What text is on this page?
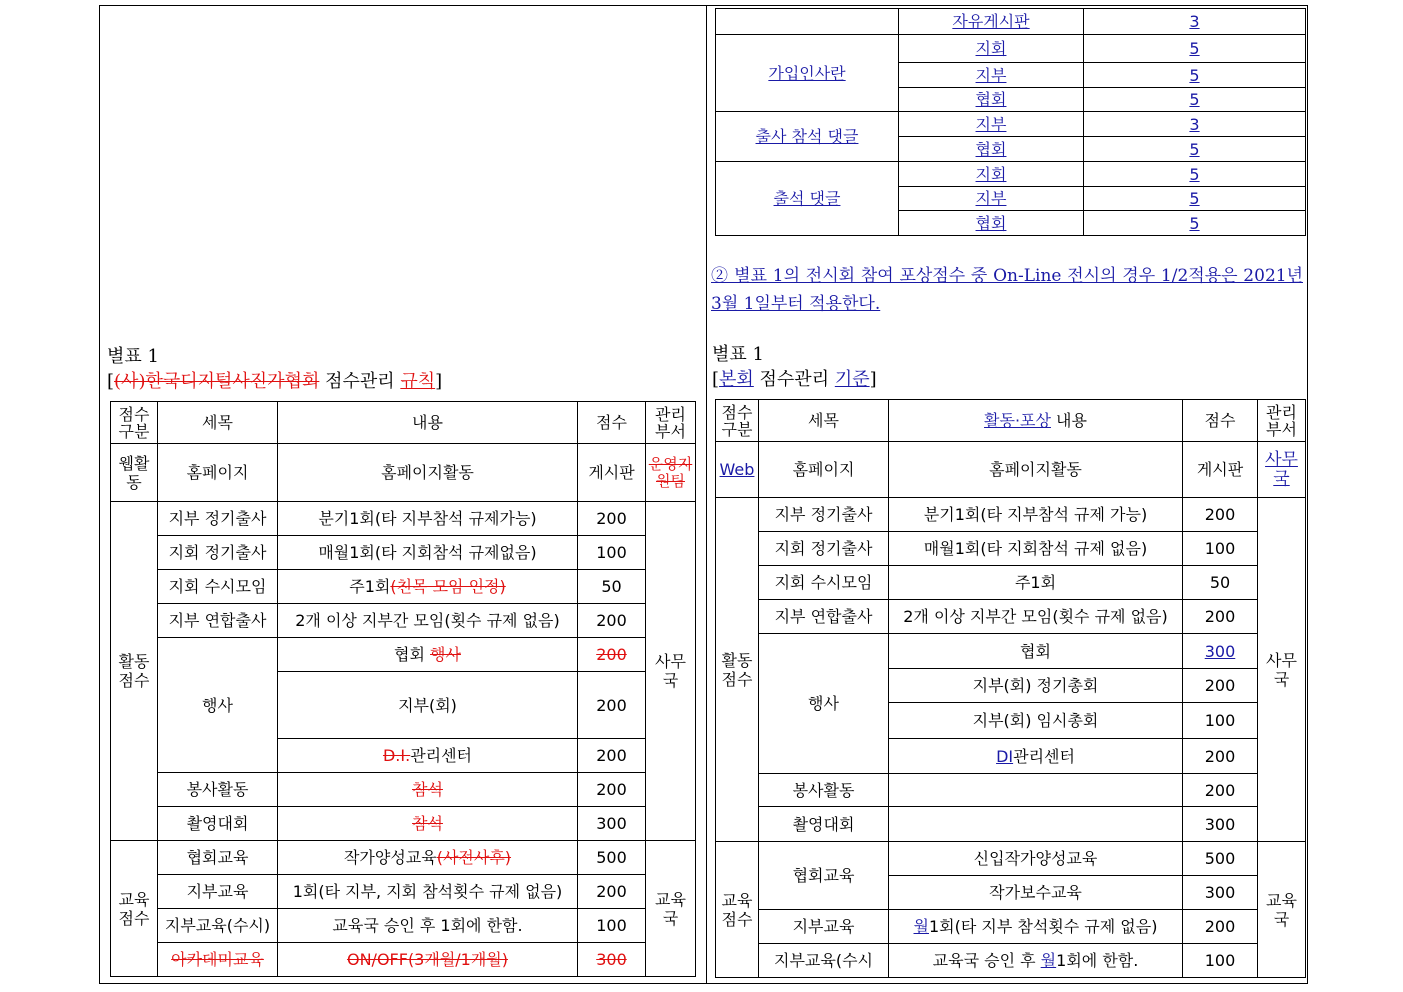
	자유게시판	3
가입인사란	지회	5
	지부	5
	협회	5
출사 참석 댓글	지부	3
	협회	5
출석 댓글	지회	5
	지부	5
	협회	5
② 별표 1의 전시회 참여 포상점수 중 On-Line 전시의 경우 1/2적용은 2021년 3월 1일부터 적용한다.
별표 1
[(사)한국디지털사진가협회 점수관리 규칙]
점수구분	세목	내용	점수	관리부서
웹활동	홈페이지	홈페이지활동	게시판	운영지원팀
활동점수	지부 정기출사	분기1회(타 지부참석 규제가능)	200	사무국
	지회 정기출사	매월1회(타 지회참석 규제없음)	100	
	지회 수시모임	주1회(친목 모임 인정)	50	
	지부 연합출사	2개 이상 지부간 모임(횟수 규제 없음)	200	
	행사	협회 행사	200	
		지부(회)	200	
		D.I.관리센터	200	
	봉사활동	참석	200	
	촬영대회	참석	300	
교육점수	협회교육	작가양성교육(사전사후)	500	교육국
	지부교육	1회(타 지부, 지회 참석횟수 규제 없음)	200	
	지부교육(수시)	교육국 승인 후 1회에 한함.	100	
	아카데미교육	ON/OFF(3개월/1개월)	300	
별표 1
[본회 점수관리 기준]
점수구분	세목	활동·포상 내용	점수	관리부서
Web	홈페이지	홈페이지활동	게시판	사무국
활동점수	지부 정기출사	분기1회(타 지부참석 규제 가능)	200	사무국
	지회 정기출사	매월1회(타 지회참석 규제 없음)	100	
	지회 수시모임	주1회	50	
	지부 연합출사	2개 이상 지부간 모임(횟수 규제 없음)	200	
	행사	협회	300	
		지부(회) 정기총회	200	
		지부(회) 임시총회	100	
		DI관리센터	200	
	봉사활동		200	
	촬영대회		300	
교육점수	협회교육	신입작가양성교육	500	교육국
		작가보수교육	300	
	지부교육	월1회(타 지부 참석횟수 규제 없음)	200	
	지부교육(수시	교육국 승인 후 월1회에 한함.	100	
